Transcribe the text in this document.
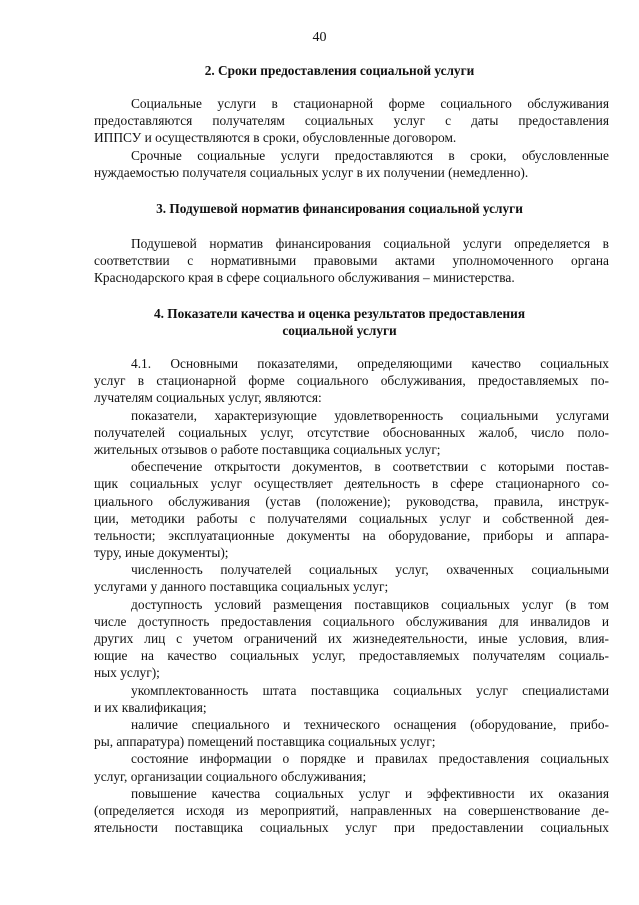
40
2. Сроки предоставления социальной услуги
Социальные услуги в стационарной форме социального обслуживания
предоставляются получателям социальных услуг с даты предоставления
ИППСУ и осуществляются в сроки, обусловленные договором.
Срочные социальные услуги предоставляются в сроки, обусловленные
нуждаемостью получателя социальных услуг в их получении (немедленно).
3. Подушевой норматив финансирования социальной услуги
Подушевой норматив финансирования социальной услуги определяется в
соответствии с нормативными правовыми актами уполномоченного органа
Краснодарского края в сфере социального обслуживания – министерства.
4. Показатели качества и оценка результатов предоставления
социальной услуги
4.1. Основными показателями, определяющими качество социальных
услуг в стационарной форме социального обслуживания, предоставляемых по-
лучателям социальных услуг, являются:
показатели, характеризующие удовлетворенность социальными услугами
получателей социальных услуг, отсутствие обоснованных жалоб, число поло-
жительных отзывов о работе поставщика социальных услуг;
обеспечение открытости документов, в соответствии с которыми постав-
щик социальных услуг осуществляет деятельность в сфере стационарного со-
циального обслуживания (устав (положение); руководства, правила, инструк-
ции, методики работы с получателями социальных услуг и собственной дея-
тельности; эксплуатационные документы на оборудование, приборы и аппара-
туру, иные документы);
численность получателей социальных услуг, охваченных социальными
услугами у данного поставщика социальных услуг;
доступность условий размещения поставщиков социальных услуг (в том
числе доступность предоставления социального обслуживания для инвалидов и
других лиц с учетом ограничений их жизнедеятельности, иные условия, влия-
ющие на качество социальных услуг, предоставляемых получателям социаль-
ных услуг);
укомплектованность штата поставщика социальных услуг специалистами
и их квалификация;
наличие специального и технического оснащения (оборудование, прибо-
ры, аппаратура) помещений поставщика социальных услуг;
состояние информации о порядке и правилах предоставления социальных
услуг, организации социального обслуживания;
повышение качества социальных услуг и эффективности их оказания
(определяется исходя из мероприятий, направленных на совершенствование де-
ятельности поставщика социальных услуг при предоставлении социальных
